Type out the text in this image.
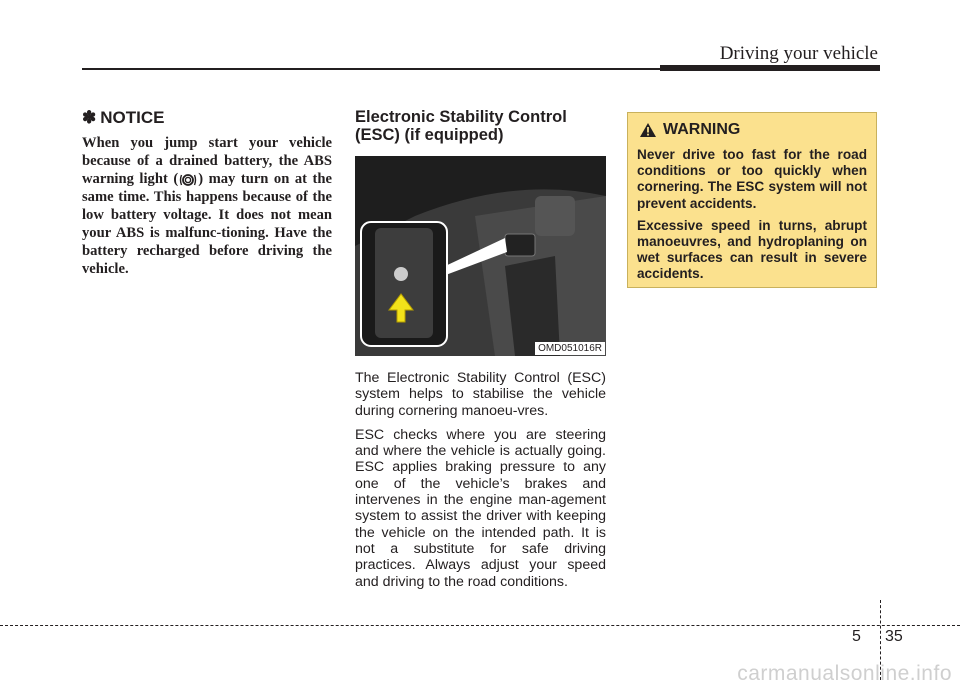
Driving your vehicle
✽ NOTICE

When you jump start your vehicle because of a drained battery, the ABS warning light ( ) may turn on at the same time. This happens because of the low battery voltage. It does not mean your ABS is malfunc-tioning. Have the battery recharged before driving the vehicle.

Electronic Stability Control (ESC) (if equipped)
OMD051016R

The Electronic Stability Control (ESC) system helps to stabilise the vehicle during cornering manoeu-vres.

ESC checks where you are steering and where the vehicle is actually going. ESC applies braking pressure to any one of the vehicle’s brakes and intervenes in the engine man-agement system to assist the driver with keeping the vehicle on the intended path. It is not a substitute for safe driving practices. Always adjust your speed and driving to the road conditions.

WARNING

Never drive too fast for the road conditions or too quickly when cornering. The ESC system will not prevent accidents.

Excessive speed in turns, abrupt manoeuvres, and hydroplaning on wet surfaces can result in severe accidents.

5 35
carmanualsonline.info
